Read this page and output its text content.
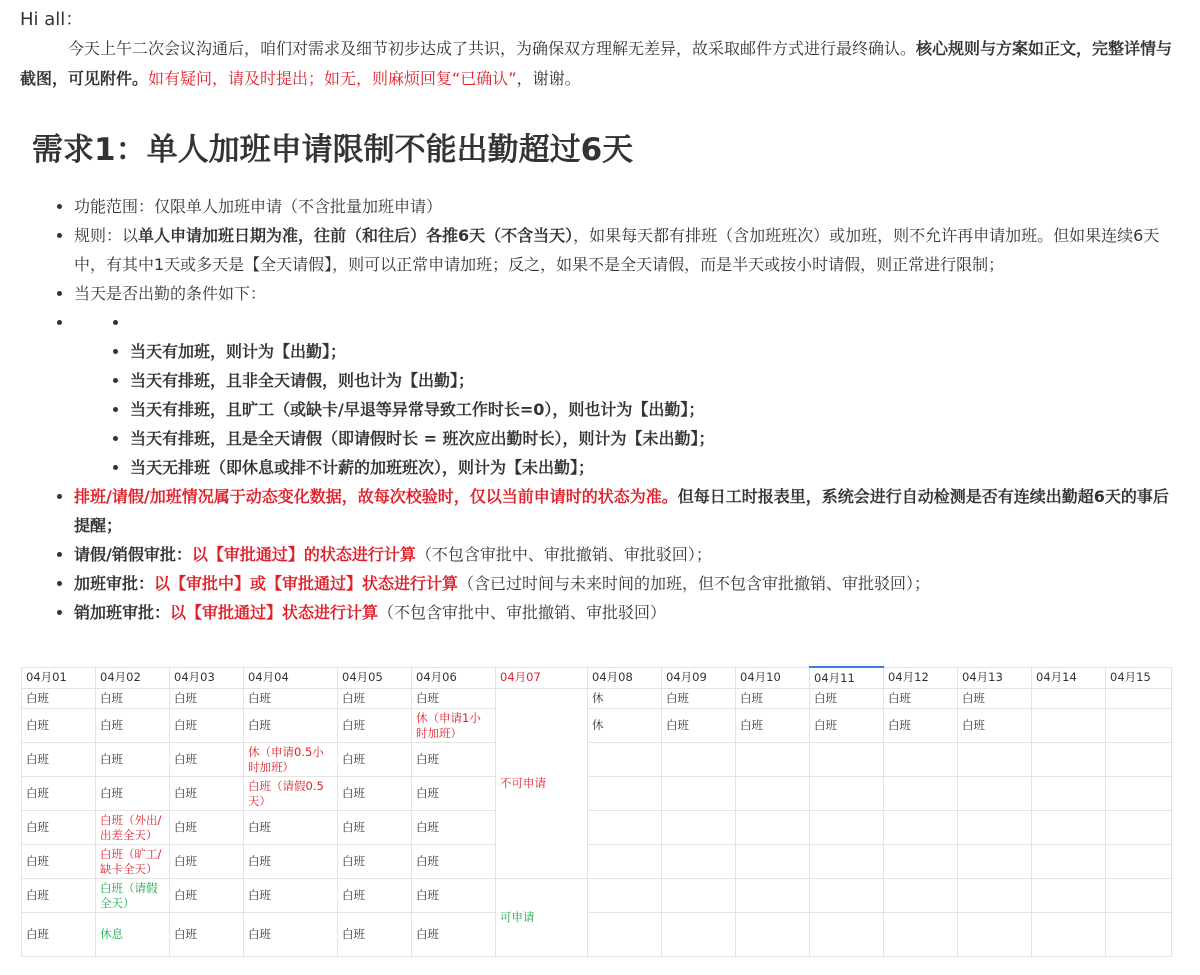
Hi all：

今天上午二次会议沟通后，咱们对需求及细节初步达成了共识，为确保双方理解无差异，故采取邮件方式进行最终确认。核心规则与方案如正文，完整详情与截图，可见附件。如有疑问，请及时提出；如无，则麻烦回复“已确认”，谢谢。

需求1：单人加班申请限制不能出勤超过6天
• 功能范围：仅限单人加班申请（不含批量加班申请）
• 规则：以单人申请加班日期为准，往前（和往后）各推6天（不含当天），如果每天都有排班（含加班班次）或加班，则不允许再申请加班。但如果连续6天中，有其中1天或多天是【全天请假】，则可以正常申请加班；反之，如果不是全天请假，而是半天或按小时请假，则正常进行限制；
• 当天是否出勤的条件如下：
•
• • 当天有加班，则计为【出勤】；
• 当天有排班，且非全天请假，则也计为【出勤】；
• 当天有排班，且旷工（或缺卡/早退等异常导致工作时长=0），则也计为【出勤】；
• 当天有排班，且是全天请假（即请假时长 = 班次应出勤时长），则计为【未出勤】；
• 当天无排班（即休息或排不计薪的加班班次），则计为【未出勤】；
• 排班/请假/加班情况属于动态变化数据，故每次校验时，仅以当前申请时的状态为准。但每日工时报表里，系统会进行自动检测是否有连续出勤超6天的事后提醒；
• 请假/销假审批：以【审批通过】的状态进行计算（不包含审批中、审批撤销、审批驳回）；
• 加班审批：以【审批中】或【审批通过】状态进行计算（含已过时间与未来时间的加班，但不包含审批撤销、审批驳回）；
• 销加班审批：以【审批通过】状态进行计算（不包含审批中、审批撤销、审批驳回）
04月01	04月02	04月03	04月04	04月05	04月06	04月07	04月08	04月09	04月10	04月11	04月12	04月13	04月14	04月15
白班	白班	白班	白班	白班	白班	不可申请	休	白班	白班	白班	白班	白班		
白班	白班	白班	白班	白班	休（申请1小时加班）		休	白班	白班	白班	白班	白班		
白班	白班	白班	休（申请0.5小时加班）	白班	白班									
白班	白班	白班	白班（请假0.5天）	白班	白班									
白班	白班（外出/出差全天）	白班	白班	白班	白班									
白班	白班（旷工/缺卡全天）	白班	白班	白班	白班									
白班	白班（请假全天）	白班	白班	白班	白班	可申请								
白班	休息	白班	白班	白班	白班									
